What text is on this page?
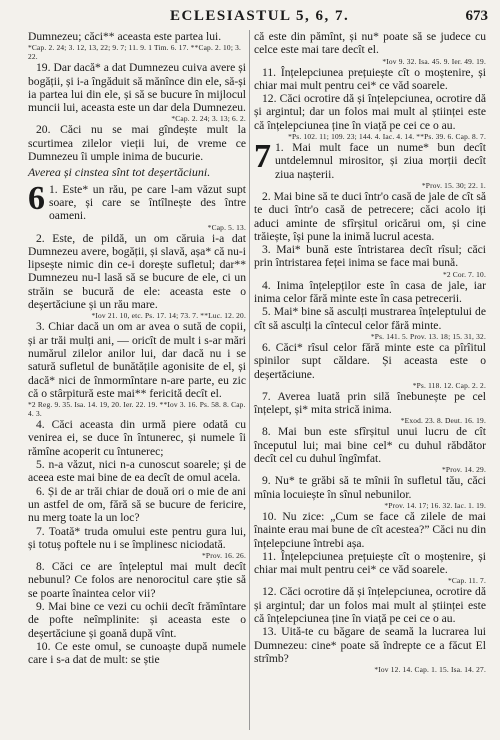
ECLESIASTUL 5, 6, 7.	673

Dumnezeu; căci** aceasta este partea lui.

*Cap. 2. 24; 3. 12, 13, 22; 9. 7; 11. 9. 1 Tim. 6. 17. **Cap. 2. 10; 3. 22.

19. Dar dacă* a dat Dumnezeu cuiva avere și bogății, și i-a îngăduit să mănînce din ele, să-și ia partea lui din ele, și să se bucure în mijlocul muncii lui, aceasta este un dar dela Dumnezeu.

*Cap. 2. 24; 3. 13; 6. 2.

20. Căci nu se mai gîndește mult la scurtimea zilelor vieții lui, de vreme ce Dumnezeu îi umple inima de bucurie.

Averea și cinstea sînt tot deșertăciuni.
6 1. Este* un rău, pe care l-am văzut supt soare, și care se întîlnește des între oameni.

*Cap. 5. 13.

2. Este, de pildă, un om căruia i-a dat Dumnezeu avere, bogății, și slavă, așa* că nu-i lipsește nimic din ce-i dorește sufletul; dar** Dumnezeu nu-l lasă să se bucure de ele, ci un străin se bucură de ele: aceasta este o deșertăciune și un rău mare.

*Iov 21. 10, etc. Ps. 17. 14; 73. 7. **Luc. 12. 20.

3. Chiar dacă un om ar avea o sută de copii, și ar trăi mulți ani, — oricît de mult i s-ar mări numărul zilelor anilor lui, dar dacă nu i se satură sufletul de bunătățile agonisite de el, și dacă* nici de înmormîntare n-are parte, eu zic că o stârpitură este mai** fericită decît el.

*2 Reg. 9. 35. Isa. 14. 19, 20. Ier. 22. 19. **Iov 3. 16. Ps. 58. 8. Cap. 4. 3.

4. Căci aceasta din urmă piere odată cu venirea ei, se duce în întunerec, și numele îi rămîne acoperit cu întunerec;

5. n-a văzut, nici n-a cunoscut soarele; și de aceea este mai bine de ea decît de omul acela.

6. Și de ar trăi chiar de două ori o mie de ani un astfel de om, fără să se bucure de fericire, nu merg toate la un loc?

7. Toată* truda omului este pentru gura lui, și totuș poftele nu i se împlinesc niciodată.

*Prov. 16. 26.

8. Căci ce are înțeleptul mai mult decît nebunul? Ce folos are nenorocitul care știe să se poarte înaintea celor vii?

9. Mai bine ce vezi cu ochii decît frămîntare de pofte neîmplinite: și aceasta este o deșertăciune și goană după vînt.

10. Ce este omul, se cunoaște după numele care i s-a dat de mult: se știe

că este din pămînt, și nu* poate să se judece cu celce este mai tare decît el.

*Iov 9. 32. Isa. 45. 9. Ier. 49. 19.

11. Înțelepciunea prețuiește cît o moștenire, și chiar mai mult pentru cei* ce văd soarele.

12. Căci ocrotire dă și înțelepciunea, ocrotire dă și argintul; dar un folos mai mult al științei este că înțelepciunea ține în viață pe cei ce o au.

*Ps. 102. 11; 109. 23; 144. 4. Iac. 4. 14. **Ps. 39. 6. Cap. 8. 7.
7 1. Mai mult face un nume* bun decît untdelemnul mirositor, și ziua morții decît ziua nașterii.

*Prov. 15. 30; 22. 1.

2. Mai bine să te duci într'o casă de jale de cît să te duci într'o casă de petrecere; căci acolo iți aduci aminte de sfîrșitul oricărui om, și cine trăiește, își pune la inimă lucrul acesta.

3. Mai* bună este întristarea decît rîsul; căci prin întristarea feței inima se face mai bună.

*2 Cor. 7. 10.

4. Inima înțelepților este în casa de jale, iar inima celor fără minte este în casa petrecerii.

5. Mai* bine să asculți mustrarea înțeleptului de cît să asculți la cîntecul celor fără minte.

*Ps. 141. 5. Prov. 13. 18; 15. 31, 32.

6. Căci* rîsul celor fără minte este ca pîrîitul spinilor supt căldare. Și aceasta este o deșertăciune.

*Ps. 118. 12. Cap. 2. 2.

7. Averea luată prin silă înebunește pe cel înțelept, și* mita strică inima.

*Exod. 23. 8. Deut. 16. 19.

8. Mai bun este sfîrșitul unui lucru de cît începutul lui; mai bine cel* cu duhul răbdător decît cel cu duhul îngîmfat.

*Prov. 14. 29.

9. Nu* te grăbi să te mînii în sufletul tău, căci mînia locuiește în sînul nebunilor.

*Prov. 14. 17; 16. 32. Iac. 1. 19.

10. Nu zice: „Cum se face că zilele de mai înainte erau mai bune de cît acestea?” Căci nu din înțelepciune întrebi așa.

11. Înțelepciunea prețuiește cît o moștenire, și chiar mai mult pentru cei* ce văd soarele.

*Cap. 11. 7.

12. Căci ocrotire dă și înțelepciunea, ocrotire dă și argintul; dar un folos mai mult al științei este că înțelepciunea ține în viață pe cei ce o au.

13. Uită-te cu băgare de seamă la lucrarea lui Dumnezeu: cine* poate să îndrepte ce a făcut El strîmb?

*Iov 12. 14. Cap. 1. 15. Isa. 14. 27.
